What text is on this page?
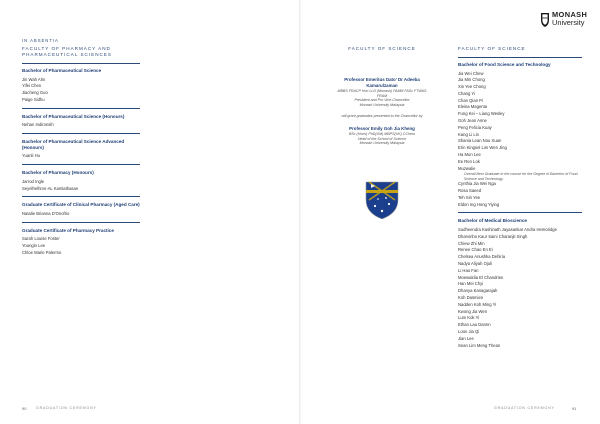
IN ABSENTIA
MONASH
University
FACULTY OF PHARMACY AND PHARMACEUTICAL SCIENCES
Bachelor of Pharmaceutical Science
Jin Wah Ahn
Yifei Chen
Jiacheng Guo
Paige Sidhu
Bachelor of Pharmaceutical Science (Honours)
Nehan Indironsih
Bachelor of Pharmaceutical Science Advanced (Honours)
Yuanli Hu
Bachelor of Pharmacy (Honours)
Jarrod Ingle
Seyelhelhmn-AL Kamlathasan
Graduate Certificate of Clinical Pharmacy (Aged Care)
Natalie Brianna D'Onofrio
Graduate Certificate of Pharmacy Practice
Sarah Louise Foster
Youngin Lee
Chloe Marie Palermo
FACULTY OF SCIENCE
Professor Emeritus Dato' Dr Adeeba Kamarulzaman
MBBS FRACP Hon LLD (Monash) FAMM FASc FTWAS FRAM
President and Pro Vice-Chancellor
Monash University Malaysia
will grant graduates presented to the Chancellor by
Professor Emily Goh Jia Kheng
BSc (Hons) PhD(UM) MBPS(UK) CChem
Head of the School of Science
Monash University Malaysia
FACULTY OF SCIENCE
Bachelor of Food Science and Technology
Jia Wei Chew
Jia Min Chong
Xin Yee Chong
Chang Yi
Chan Qian Pi
Eleina Magenta
Fung Kei – Liang Wesley
Goh Jean Anne
Peng Felicia Kuay
Kang Li Lin
Shania Lean Nou Xuan
Erin Kingsel Lim Wen Jing
Ha Mun Lee
Ee Ren Lok
Muzwalie
Overall Best Graduate in the course for the Degree of Bachelor of Food Science and Technology
Cynthia Jia Wei Nga
Rosa Saeed
Teh Sin Yee
Eldon Ing Hong Yiying
Bachelor of Medical Bioscience
Sudheendra Kashinath Jayasankar Andra Hemoridge
Dharvinho Kaur Saini Charanjit Singh
Chiew Zhi Min
Renee Chao En Ei
Chelsea Anushka Dehiria
Nadya Aliyah Ojuli
Li Hao Fan
Moewaldia El Chandrien
Han Mei Chyi
Dhanya Kanagarajah
Koh Dasmien
Nadden Koh Ming Yi
Kwong Jia Wen
Lum Kok Yi
Ethan Lau Dannn
Loon Jia Qi
Jian Lee
Sean Lim Meng Thean
90	GRADUATION CEREMONY	GRADUATION CEREMONY	91
